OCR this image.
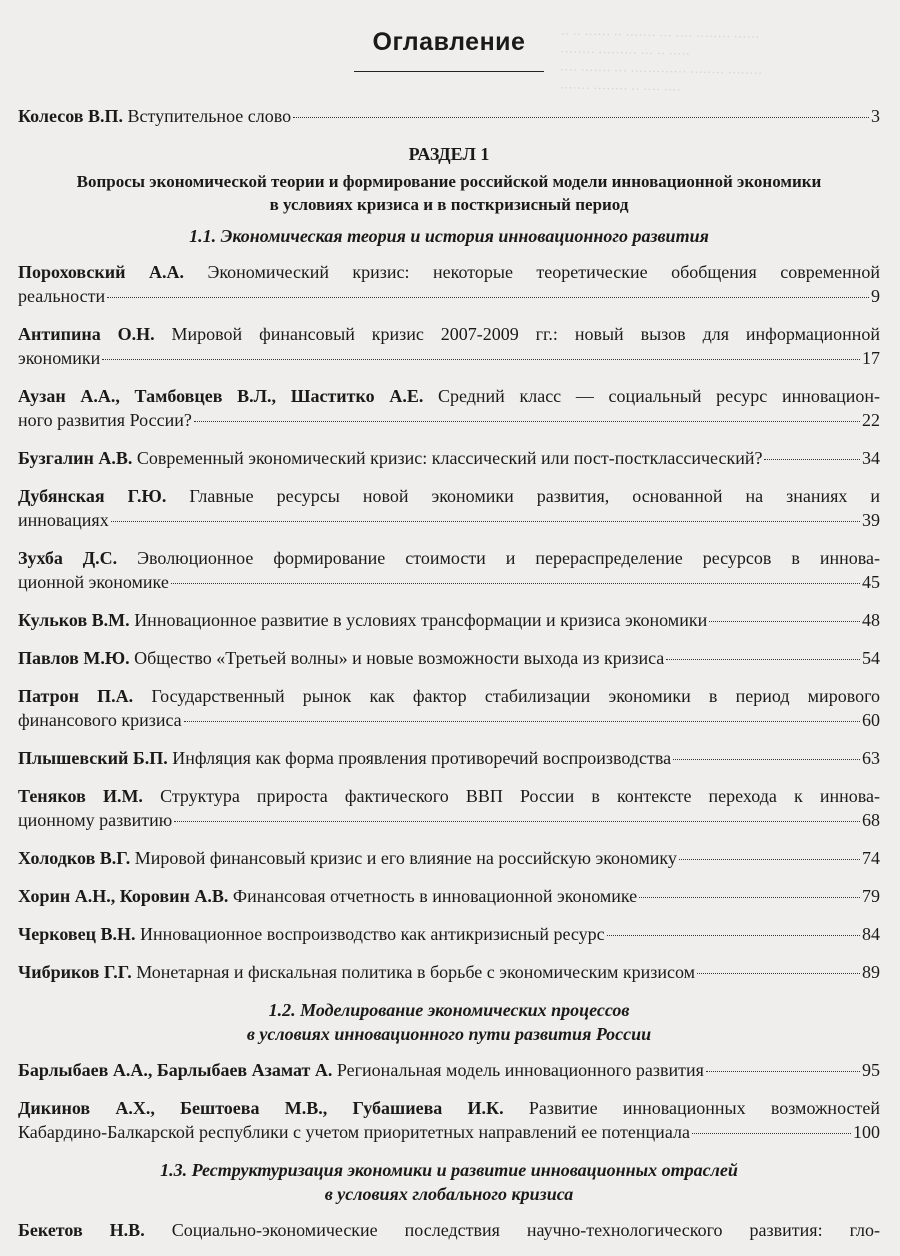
·· ·· ······ ·· ······· ··· ···· ········ ······
········ ········· ··· ·· ·····
···· ······· ··· ············· ········ ········
······· ········ ·· ···· ····
Оглавление
Колесов В.П. Вступительное слово	3
РАЗДЕЛ 1
Вопросы экономической теории и формирование российской модели инновационной экономики
в условиях кризиса и в посткризисный период
1.1. Экономическая теория и история инновационного развития
Пороховский А.А. Экономический кризис: некоторые теоретические обобщения современной
реальности	9
Антипина О.Н. Мировой финансовый кризис 2007-2009 гг.: новый вызов для информационной
экономики	17
Аузан А.А., Тамбовцев В.Л., Шаститко А.Е. Средний класс — социальный ресурс инновацион-
ного развития России?	22
Бузгалин А.В. Современный экономический кризис: классический или пост-постклассический?	34
Дубянская Г.Ю. Главные ресурсы новой экономики развития, основанной на знаниях и
инновациях	39
Зухба Д.С. Эволюционное формирование стоимости и перераспределение ресурсов в иннова-
ционной экономике	45
Кульков В.М. Инновационное развитие в условиях трансформации и кризиса экономики	48
Павлов М.Ю. Общество «Третьей волны» и новые возможности выхода из кризиса	54
Патрон П.А. Государственный рынок как фактор стабилизации экономики в период мирового
финансового кризиса	60
Плышевский Б.П. Инфляция как форма проявления противоречий воспроизводства	63
Теняков И.М. Структура прироста фактического ВВП России в контексте перехода к иннова-
ционному развитию	68
Холодков В.Г. Мировой финансовый кризис и его влияние на российскую экономику	74
Хорин А.Н., Коровин А.В. Финансовая отчетность в инновационной экономике	79
Черковец В.Н. Инновационное воспроизводство как антикризисный ресурс	84
Чибриков Г.Г. Монетарная и фискальная политика в борьбе с экономическим кризисом	89
1.2. Моделирование экономических процессов
в условиях инновационного пути развития России
Барлыбаев А.А., Барлыбаев Азамат А. Региональная модель инновационного развития	95
Дикинов А.Х., Бештоева М.В., Губашиева И.К. Развитие инновационных возможностей
Кабардино-Балкарской республики с учетом приоритетных направлений ее потенциала	100
1.3. Реструктуризация экономики и развитие инновационных отраслей
в условиях глобального кризиса
Бекетов Н.В. Социально-экономические последствия научно-технологического развития: гло-
